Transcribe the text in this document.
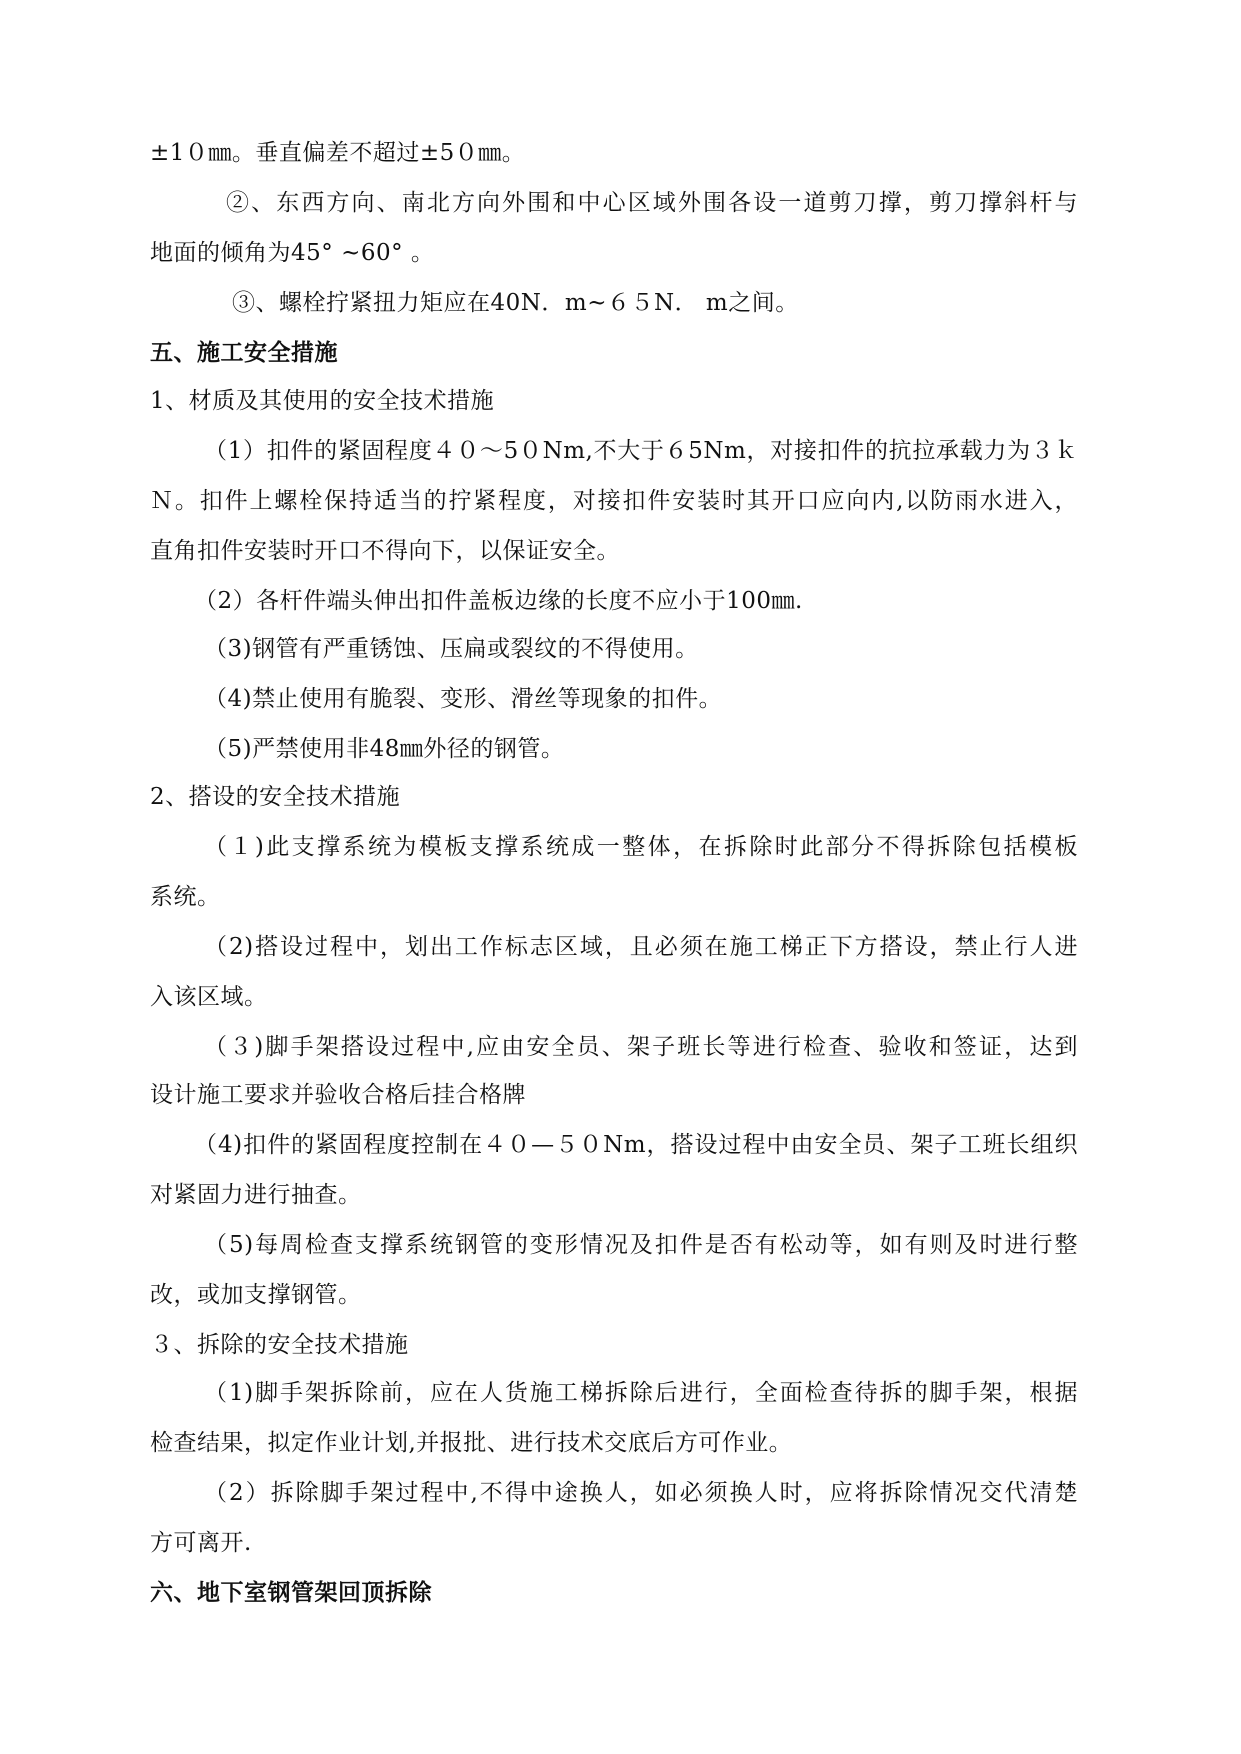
±1０㎜。垂直偏差不超过±5０㎜。
②、东西方向、南北方向外围和中心区域外围各设一道剪刀撑，剪刀撑斜杆与
地面的倾角为45° ~60° 。
③、螺栓拧紧扭力矩应在40N．m~６５N． m之间。
五、施工安全措施
1、材质及其使用的安全技术措施
（1）扣件的紧固程度４０～5０Nm,不大于６5Nm，对接扣件的抗拉承载力为３ｋ
Ｎ。扣件上螺栓保持适当的拧紧程度，对接扣件安装时其开口应向内,以防雨水进入，
直角扣件安装时开口不得向下，以保证安全。
（2）各杆件端头伸出扣件盖板边缘的长度不应小于100㎜.
（3)钢管有严重锈蚀、压扁或裂纹的不得使用。
（4)禁止使用有脆裂、变形、滑丝等现象的扣件。
（5)严禁使用非48㎜外径的钢管。
2、搭设的安全技术措施
（１)此支撑系统为模板支撑系统成一整体，在拆除时此部分不得拆除包括模板
系统。
（2)搭设过程中，划出工作标志区域，且必须在施工梯正下方搭设，禁止行人进
入该区域。
（３)脚手架搭设过程中,应由安全员、架子班长等进行检查、验收和签证，达到
设计施工要求并验收合格后挂合格牌
（4)扣件的紧固程度控制在４０—５０Nm，搭设过程中由安全员、架子工班长组织
对紧固力进行抽查。
（5)每周检查支撑系统钢管的变形情况及扣件是否有松动等，如有则及时进行整
改，或加支撑钢管。
３、拆除的安全技术措施
（1)脚手架拆除前，应在人货施工梯拆除后进行，全面检查待拆的脚手架，根据
检查结果，拟定作业计划,并报批、进行技术交底后方可作业。
（2）拆除脚手架过程中,不得中途换人，如必须换人时，应将拆除情况交代清楚
方可离开.
六、地下室钢管架回顶拆除
